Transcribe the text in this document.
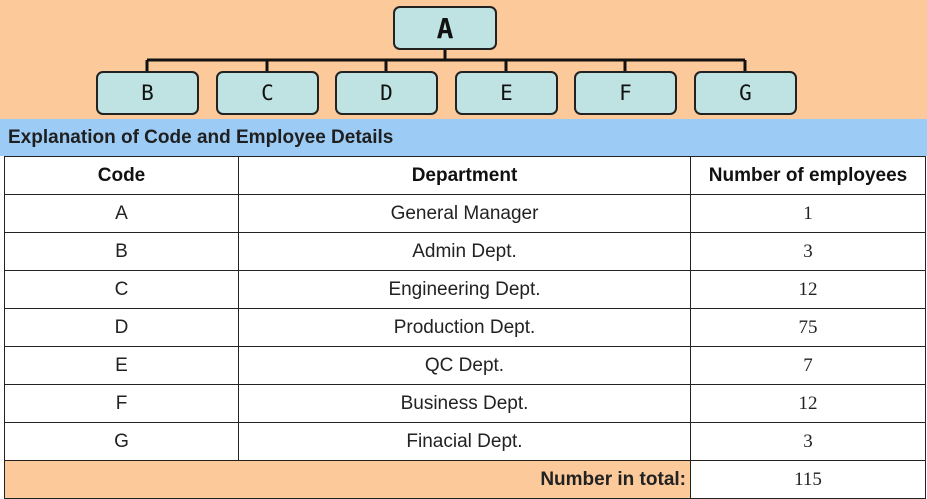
A
B	C	D	E	F	G
Explanation of Code and Employee Details
Code	Department	Number of employees
A	General Manager	1
B	Admin Dept.	3
C	Engineering Dept.	12
D	Production Dept.	75
E	QC Dept.	7
F	Business Dept.	12
G	Finacial Dept.	3
Number in total:		115
